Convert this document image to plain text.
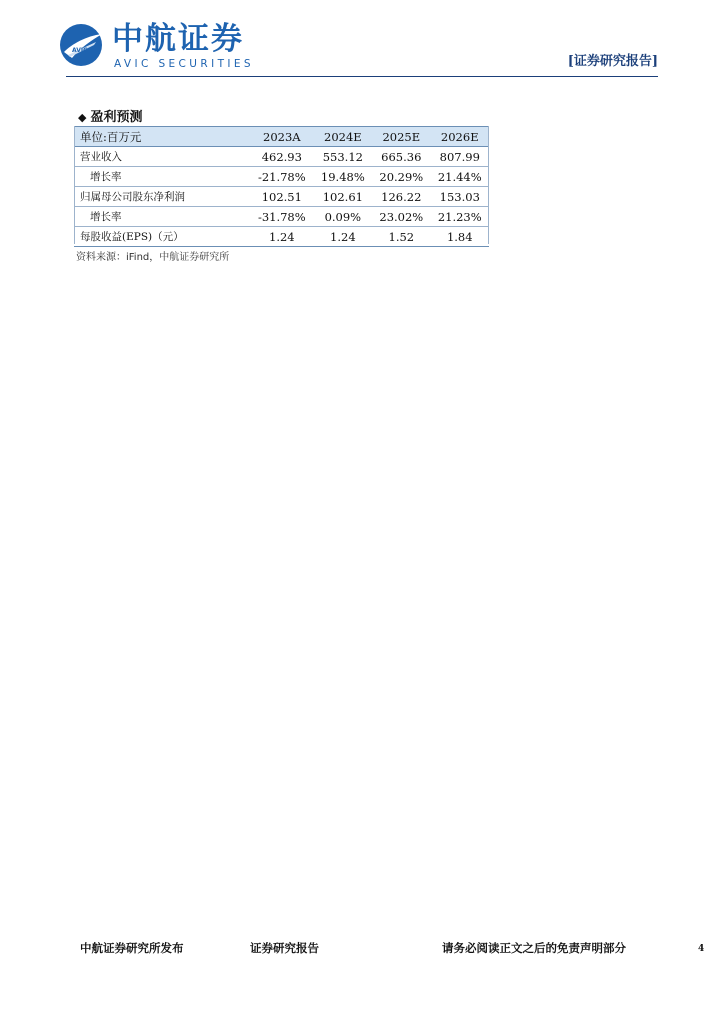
AVIC 中航证券
AVIC SECURITIES	[证券研究报告]
◆ 盈利预测
单位:百万元	2023A	2024E	2025E	2026E
营业收入	462.93	553.12	665.36	807.99
增长率	-21.78%	19.48%	20.29%	21.44%
归属母公司股东净利润	102.51	102.61	126.22	153.03
增长率	-31.78%	0.09%	23.02%	21.23%
每股收益(EPS)（元）	1.24	1.24	1.52	1.84
资料来源：iFind，中航证券研究所
中航证券研究所发布	证券研究报告	请务必阅读正文之后的免责声明部分	4
